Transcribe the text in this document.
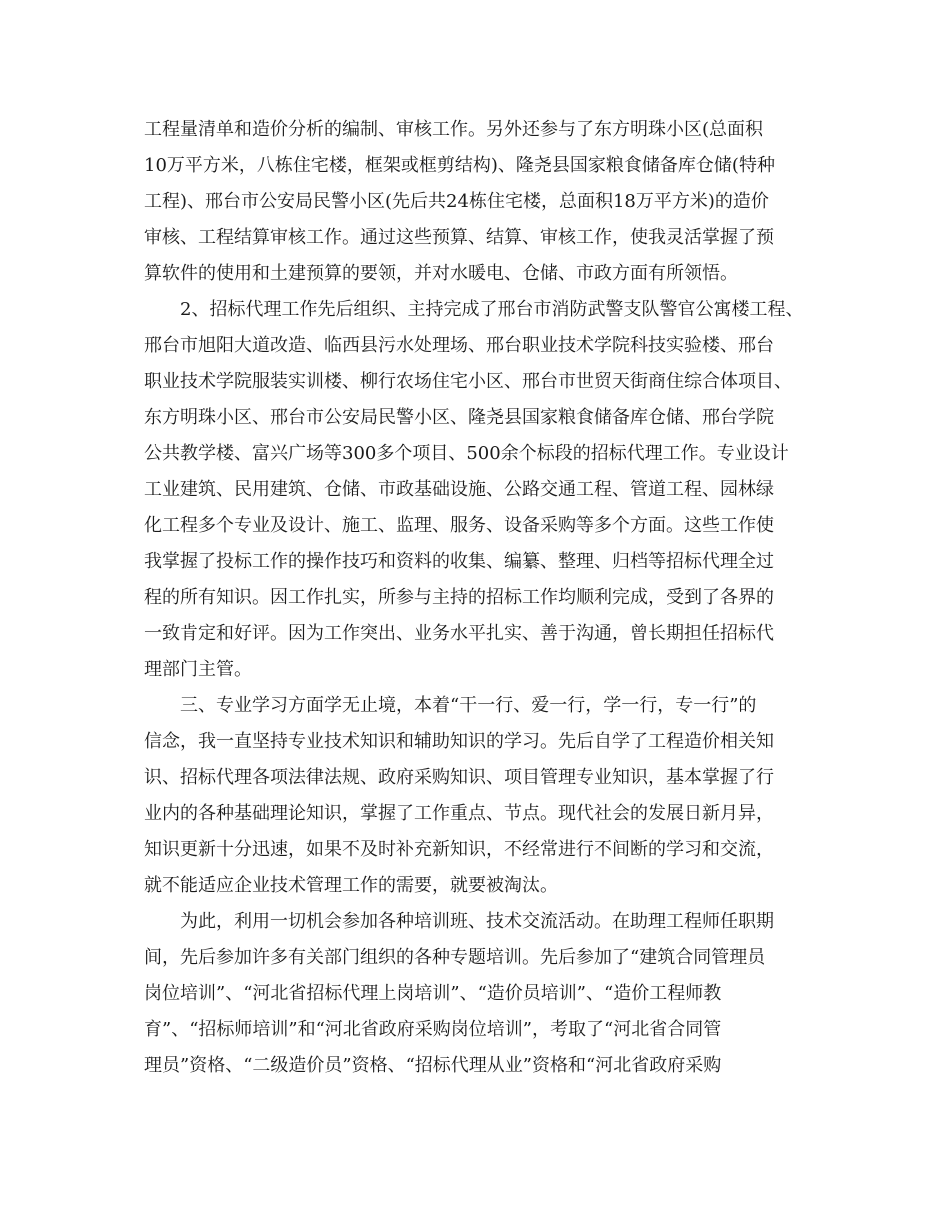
工程量清单和造价分析的编制、审核工作。另外还参与了东方明珠小区(总面积
10万平方米，八栋住宅楼，框架或框剪结构)、隆尧县国家粮食储备库仓储(特种
工程)、邢台市公安局民警小区(先后共24栋住宅楼，总面积18万平方米)的造价
审核、工程结算审核工作。通过这些预算、结算、审核工作，使我灵活掌握了预
算软件的使用和土建预算的要领，并对水暖电、仓储、市政方面有所领悟。
2、招标代理工作先后组织、主持完成了邢台市消防武警支队警官公寓楼工程、
邢台市旭阳大道改造、临西县污水处理场、邢台职业技术学院科技实验楼、邢台
职业技术学院服装实训楼、柳行农场住宅小区、邢台市世贸天街商住综合体项目、
东方明珠小区、邢台市公安局民警小区、隆尧县国家粮食储备库仓储、邢台学院
公共教学楼、富兴广场等300多个项目、500余个标段的招标代理工作。专业设计
工业建筑、民用建筑、仓储、市政基础设施、公路交通工程、管道工程、园林绿
化工程多个专业及设计、施工、监理、服务、设备采购等多个方面。这些工作使
我掌握了投标工作的操作技巧和资料的收集、编纂、整理、归档等招标代理全过
程的所有知识。因工作扎实，所参与主持的招标工作均顺利完成，受到了各界的
一致肯定和好评。因为工作突出、业务水平扎实、善于沟通，曾长期担任招标代
理部门主管。
三、专业学习方面学无止境，本着“干一行、爱一行，学一行，专一行”的
信念，我一直坚持专业技术知识和辅助知识的学习。先后自学了工程造价相关知
识、招标代理各项法律法规、政府采购知识、项目管理专业知识，基本掌握了行
业内的各种基础理论知识，掌握了工作重点、节点。现代社会的发展日新月异，
知识更新十分迅速，如果不及时补充新知识，不经常进行不间断的学习和交流，
就不能适应企业技术管理工作的需要，就要被淘汰。
为此，利用一切机会参加各种培训班、技术交流活动。在助理工程师任职期
间，先后参加许多有关部门组织的各种专题培训。先后参加了“建筑合同管理员
岗位培训”、“河北省招标代理上岗培训”、“造价员培训”、“造价工程师教
育”、“招标师培训”和“河北省政府采购岗位培训”，考取了“河北省合同管
理员”资格、“二级造价员”资格、“招标代理从业”资格和“河北省政府采购
